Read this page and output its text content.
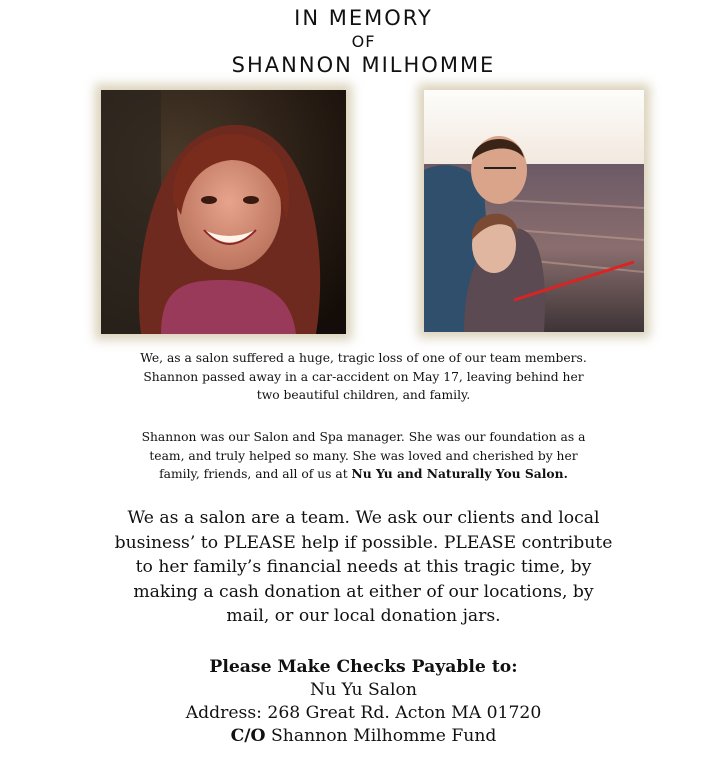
IN MEMORY
OF
SHANNON MILHOMME
We, as a salon suffered a huge, tragic loss of one of our team members.
Shannon passed away in a car-accident on May 17, leaving behind her
two beautiful children, and family.
Shannon was our Salon and Spa manager. She was our foundation as a
team, and truly helped so many. She was loved and cherished by her
family, friends, and all of us at Nu Yu and Naturally You Salon.
We as a salon are a team. We ask our clients and local
business’ to PLEASE help if possible. PLEASE contribute
to her family’s financial needs at this tragic time, by
making a cash donation at either of our locations, by
mail, or our local donation jars.
Please Make Checks Payable to:
Nu Yu Salon
Address: 268 Great Rd. Acton MA 01720
C/O Shannon Milhomme Fund
